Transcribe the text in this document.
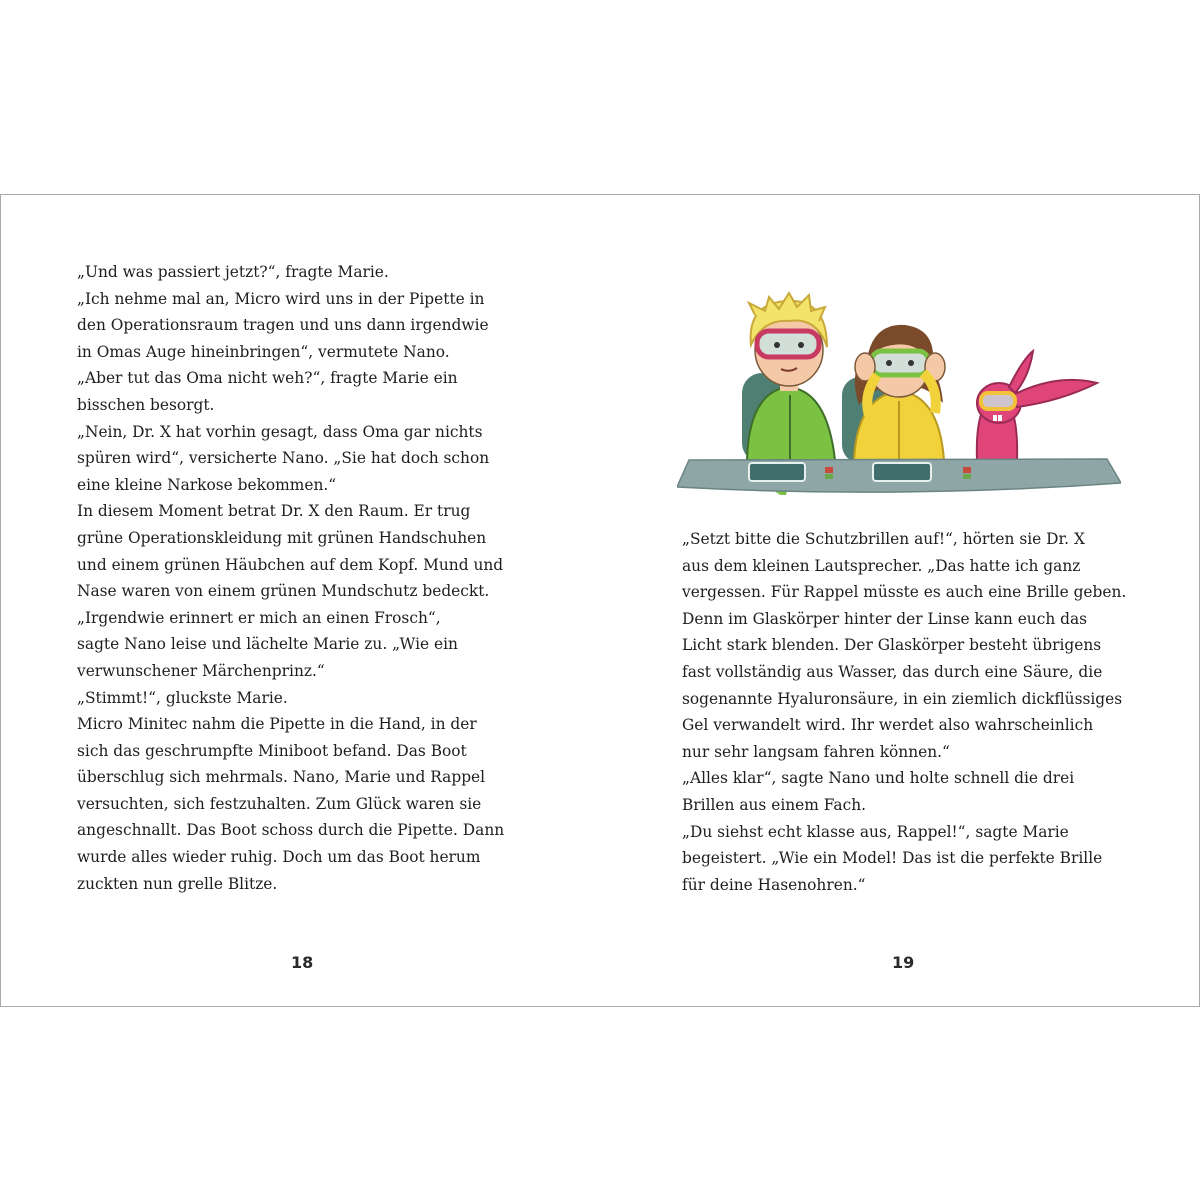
„Und was passiert jetzt?“, fragte Marie.
„Ich nehme mal an, Micro wird uns in der Pipette in
den Operationsraum tragen und uns dann irgendwie
in Omas Auge hineinbringen“, vermutete Nano.
„Aber tut das Oma nicht weh?“, fragte Marie ein
bisschen besorgt.
„Nein, Dr. X hat vorhin gesagt, dass Oma gar nichts
spüren wird“, versicherte Nano. „Sie hat doch schon
eine kleine Narkose bekommen.“
In diesem Moment betrat Dr. X den Raum. Er trug
grüne Operationskleidung mit grünen Handschuhen
und einem grünen Häubchen auf dem Kopf. Mund und
Nase waren von einem grünen Mundschutz bedeckt.
„Irgendwie erinnert er mich an einen Frosch“,
sagte Nano leise und lächelte Marie zu. „Wie ein
verwunschener Märchenprinz.“
„Stimmt!“, gluckste Marie.
Micro Minitec nahm die Pipette in die Hand, in der
sich das geschrumpfte Miniboot befand. Das Boot
überschlug sich mehrmals. Nano, Marie und Rappel
versuchten, sich festzuhalten. Zum Glück waren sie
angeschnallt. Das Boot schoss durch die Pipette. Dann
wurde alles wieder ruhig. Doch um das Boot herum
zuckten nun grelle Blitze.
18
„Setzt bitte die Schutzbrillen auf!“, hörten sie Dr. X
aus dem kleinen Lautsprecher. „Das hatte ich ganz
vergessen. Für Rappel müsste es auch eine Brille geben.
Denn im Glaskörper hinter der Linse kann euch das
Licht stark blenden. Der Glaskörper besteht übrigens
fast vollständig aus Wasser, das durch eine Säure, die
sogenannte Hyaluronsäure, in ein ziemlich dickflüssiges
Gel verwandelt wird. Ihr werdet also wahrscheinlich
nur sehr langsam fahren können.“
„Alles klar“, sagte Nano und holte schnell die drei
Brillen aus einem Fach.
„Du siehst echt klasse aus, Rappel!“, sagte Marie
begeistert. „Wie ein Model! Das ist die perfekte Brille
für deine Hasenohren.“
19
